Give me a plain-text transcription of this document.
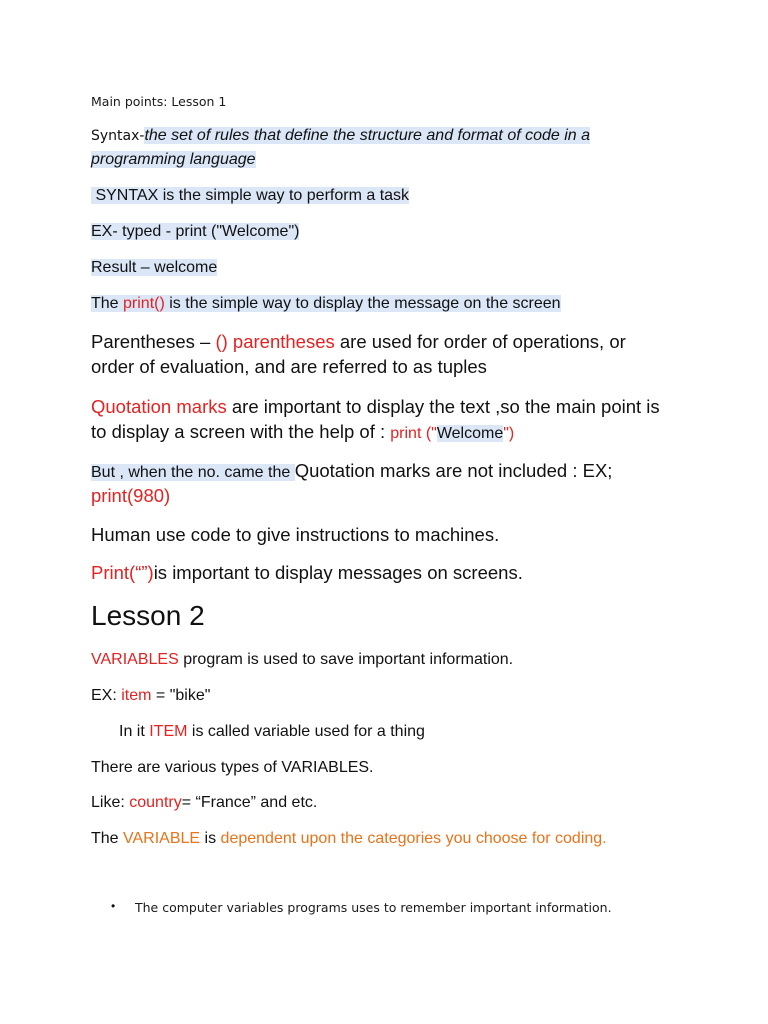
Main points: Lesson 1
Syntax-the set of rules that define the structure and format of code in a
programming language
SYNTAX is the simple way to perform a task
EX- typed - print ("Welcome")
Result – welcome
The print() is the simple way to display the message on the screen
Parentheses – () parentheses are used for order of operations, or
order of evaluation, and are referred to as tuples
Quotation marks are important to display the text ,so the main point is
to display a screen with the help of : print ("Welcome")
But , when the no. came the Quotation marks are not included : EX;
print(980)
Human use code to give instructions to machines.
Print(“”)is important to display messages on screens.
Lesson 2
VARIABLES program is used to save important information.
EX: item = "bike"
In it ITEM is called variable used for a thing
There are various types of VARIABLES.
Like: country= “France” and etc.
The VARIABLE is dependent upon the categories you choose for coding.
• The computer variables programs uses to remember important information.
